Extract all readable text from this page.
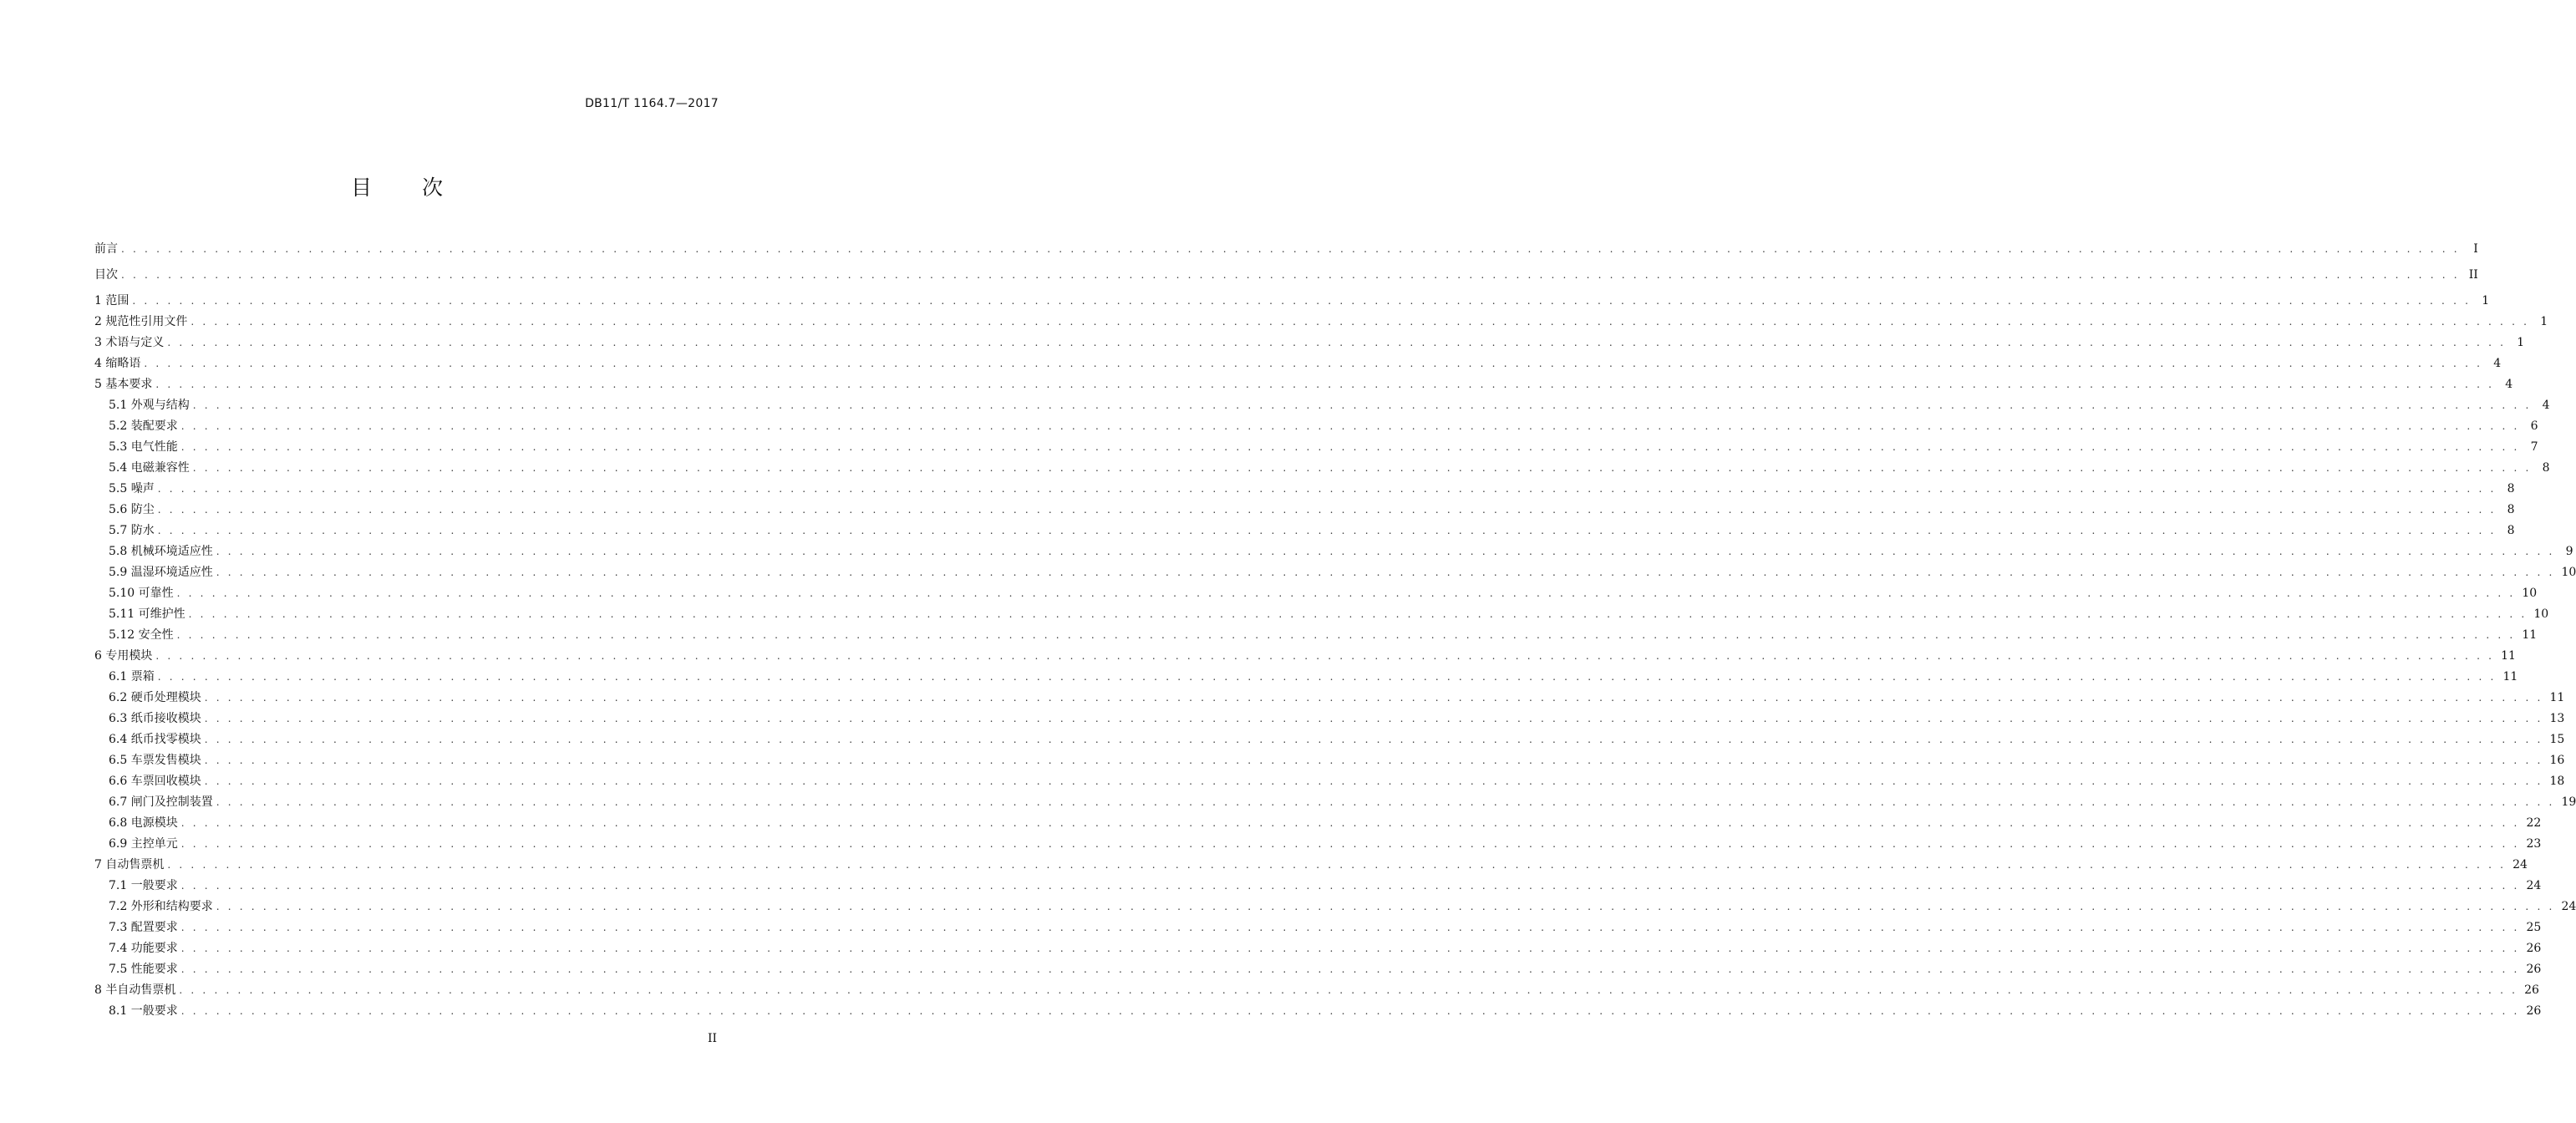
DB11/T 1164.7—2017
目 次
前言 . . . . . . . . . . . . . . . . . . . . . . . . . . . . . . . . . . . . . . . . . . . . . . . . . . . . . . . . . . . . . . . . . . . . . . . . . . . . . . . . . . . . . . . . . . . . . . . . . . . . . . . . . . . . . . . . . . . . . . . . . . . . . . . . . . . . . . . . . . . . . . . . . . . . . . . . . . . . . . . . . . . . . . . . . . . . . . . . . . . . . . . . . . . . . . . . . . . . . . . .	I
目次 . . . . . . . . . . . . . . . . . . . . . . . . . . . . . . . . . . . . . . . . . . . . . . . . . . . . . . . . . . . . . . . . . . . . . . . . . . . . . . . . . . . . . . . . . . . . . . . . . . . . . . . . . . . . . . . . . . . . . . . . . . . . . . . . . . . . . . . . . . . . . . . . . . . . . . . . . . . . . . . . . . . . . . . . . . . . . . . . . . . . . . . . . . . . . . . . . . . . . . . . II
1 范围 . . . . . . . . . . . . . . . . . . . . . . . . . . . . . . . . . . . . . . . . . . . . . . . . . . . . . . . . . . . . . . . . . . . . . . . . . . . . . . . . . . . . . . . . . . . . . . . . . . . . . . . . . . . . . . . . . . . . . . . . . . . . . . . . . . . . . . . . . . . . . . . . . . . . . . . . . . . . . . . . . . . . . . . . . . . . . . . . . . . . . . . . . . . . . . . . . . . . . . . . 1
2 规范性引用文件 . . . . . . . . . . . . . . . . . . . . . . . . . . . . . . . . . . . . . . . . . . . . . . . . . . . . . . . . . . . . . . . . . . . . . . . . . . . . . . . . . . . . . . . . . . . . . . . . . . . . . . . . . . . . . . . . . . . . . . . . . . . . . . . . . . . . . . . . . . . . . . . . . . . . . . . . . . . . . . . . . . . . . . . . . . . . . . . . . . . . . . . . . . . . . . . . . . . . . . . . 1
3 术语与定义 . . . . . . . . . . . . . . . . . . . . . . . . . . . . . . . . . . . . . . . . . . . . . . . . . . . . . . . . . . . . . . . . . . . . . . . . . . . . . . . . . . . . . . . . . . . . . . . . . . . . . . . . . . . . . . . . . . . . . . . . . . . . . . . . . . . . . . . . . . . . . . . . . . . . . . . . . . . . . . . . . . . . . . . . . . . . . . . . . . . . . . . . . . . . . . . . . . . . . . . . 1
4 缩略语 . . . . . . . . . . . . . . . . . . . . . . . . . . . . . . . . . . . . . . . . . . . . . . . . . . . . . . . . . . . . . . . . . . . . . . . . . . . . . . . . . . . . . . . . . . . . . . . . . . . . . . . . . . . . . . . . . . . . . . . . . . . . . . . . . . . . . . . . . . . . . . . . . . . . . . . . . . . . . . . . . . . . . . . . . . . . . . . . . . . . . . . . . . . . . . . . . . . . . . . . 4
5 基本要求 . . . . . . . . . . . . . . . . . . . . . . . . . . . . . . . . . . . . . . . . . . . . . . . . . . . . . . . . . . . . . . . . . . . . . . . . . . . . . . . . . . . . . . . . . . . . . . . . . . . . . . . . . . . . . . . . . . . . . . . . . . . . . . . . . . . . . . . . . . . . . . . . . . . . . . . . . . . . . . . . . . . . . . . . . . . . . . . . . . . . . . . . . . . . . . . . . . . . . . . . 4
5.1 外观与结构 . . . . . . . . . . . . . . . . . . . . . . . . . . . . . . . . . . . . . . . . . . . . . . . . . . . . . . . . . . . . . . . . . . . . . . . . . . . . . . . . . . . . . . . . . . . . . . . . . . . . . . . . . . . . . . . . . . . . . . . . . . . . . . . . . . . . . . . . . . . . . . . . . . . . . . . . . . . . . . . . . . . . . . . . . . . . . . . . . . . . . . . . . . . . . . . . . . . . . . . . 4
5.2 装配要求 . . . . . . . . . . . . . . . . . . . . . . . . . . . . . . . . . . . . . . . . . . . . . . . . . . . . . . . . . . . . . . . . . . . . . . . . . . . . . . . . . . . . . . . . . . . . . . . . . . . . . . . . . . . . . . . . . . . . . . . . . . . . . . . . . . . . . . . . . . . . . . . . . . . . . . . . . . . . . . . . . . . . . . . . . . . . . . . . . . . . . . . . . . . . . . . . . . . . . . . . 6
5.3 电气性能 . . . . . . . . . . . . . . . . . . . . . . . . . . . . . . . . . . . . . . . . . . . . . . . . . . . . . . . . . . . . . . . . . . . . . . . . . . . . . . . . . . . . . . . . . . . . . . . . . . . . . . . . . . . . . . . . . . . . . . . . . . . . . . . . . . . . . . . . . . . . . . . . . . . . . . . . . . . . . . . . . . . . . . . . . . . . . . . . . . . . . . . . . . . . . . . . . . . . . . . . 7
5.4 电磁兼容性 . . . . . . . . . . . . . . . . . . . . . . . . . . . . . . . . . . . . . . . . . . . . . . . . . . . . . . . . . . . . . . . . . . . . . . . . . . . . . . . . . . . . . . . . . . . . . . . . . . . . . . . . . . . . . . . . . . . . . . . . . . . . . . . . . . . . . . . . . . . . . . . . . . . . . . . . . . . . . . . . . . . . . . . . . . . . . . . . . . . . . . . . . . . . . . . . . . . . . . . . 8
5.5 噪声 . . . . . . . . . . . . . . . . . . . . . . . . . . . . . . . . . . . . . . . . . . . . . . . . . . . . . . . . . . . . . . . . . . . . . . . . . . . . . . . . . . . . . . . . . . . . . . . . . . . . . . . . . . . . . . . . . . . . . . . . . . . . . . . . . . . . . . . . . . . . . . . . . . . . . . . . . . . . . . . . . . . . . . . . . . . . . . . . . . . . . . . . . . . . . . . . . . . . . . . . 8
5.6 防尘 . . . . . . . . . . . . . . . . . . . . . . . . . . . . . . . . . . . . . . . . . . . . . . . . . . . . . . . . . . . . . . . . . . . . . . . . . . . . . . . . . . . . . . . . . . . . . . . . . . . . . . . . . . . . . . . . . . . . . . . . . . . . . . . . . . . . . . . . . . . . . . . . . . . . . . . . . . . . . . . . . . . . . . . . . . . . . . . . . . . . . . . . . . . . . . . . . . . . . . . . 8
5.7 防水 . . . . . . . . . . . . . . . . . . . . . . . . . . . . . . . . . . . . . . . . . . . . . . . . . . . . . . . . . . . . . . . . . . . . . . . . . . . . . . . . . . . . . . . . . . . . . . . . . . . . . . . . . . . . . . . . . . . . . . . . . . . . . . . . . . . . . . . . . . . . . . . . . . . . . . . . . . . . . . . . . . . . . . . . . . . . . . . . . . . . . . . . . . . . . . . . . . . . . . . . 8
5.8 机械环境适应性 . . . . . . . . . . . . . . . . . . . . . . . . . . . . . . . . . . . . . . . . . . . . . . . . . . . . . . . . . . . . . . . . . . . . . . . . . . . . . . . . . . . . . . . . . . . . . . . . . . . . . . . . . . . . . . . . . . . . . . . . . . . . . . . . . . . . . . . . . . . . . . . . . . . . . . . . . . . . . . . . . . . . . . . . . . . . . . . . . . . . . . . . . . . . . . . . . . . . . . . . 9
5.9 温湿环境适应性 . . . . . . . . . . . . . . . . . . . . . . . . . . . . . . . . . . . . . . . . . . . . . . . . . . . . . . . . . . . . . . . . . . . . . . . . . . . . . . . . . . . . . . . . . . . . . . . . . . . . . . . . . . . . . . . . . . . . . . . . . . . . . . . . . . . . . . . . . . . . . . . . . . . . . . . . . . . . . . . . . . . . . . . . . . . . . . . . . . . . . . . . . . . . . . . . . . . . . . . . 10
5.10 可靠性 . . . . . . . . . . . . . . . . . . . . . . . . . . . . . . . . . . . . . . . . . . . . . . . . . . . . . . . . . . . . . . . . . . . . . . . . . . . . . . . . . . . . . . . . . . . . . . . . . . . . . . . . . . . . . . . . . . . . . . . . . . . . . . . . . . . . . . . . . . . . . . . . . . . . . . . . . . . . . . . . . . . . . . . . . . . . . . . . . . . . . . . . . . . . . . . . . . . . . . . . 10
5.11 可维护性 . . . . . . . . . . . . . . . . . . . . . . . . . . . . . . . . . . . . . . . . . . . . . . . . . . . . . . . . . . . . . . . . . . . . . . . . . . . . . . . . . . . . . . . . . . . . . . . . . . . . . . . . . . . . . . . . . . . . . . . . . . . . . . . . . . . . . . . . . . . . . . . . . . . . . . . . . . . . . . . . . . . . . . . . . . . . . . . . . . . . . . . . . . . . . . . . . . . . . . . . 10
5.12 安全性 . . . . . . . . . . . . . . . . . . . . . . . . . . . . . . . . . . . . . . . . . . . . . . . . . . . . . . . . . . . . . . . . . . . . . . . . . . . . . . . . . . . . . . . . . . . . . . . . . . . . . . . . . . . . . . . . . . . . . . . . . . . . . . . . . . . . . . . . . . . . . . . . . . . . . . . . . . . . . . . . . . . . . . . . . . . . . . . . . . . . . . . . . . . . . . . . . . . . . . . . 11
6 专用模块 . . . . . . . . . . . . . . . . . . . . . . . . . . . . . . . . . . . . . . . . . . . . . . . . . . . . . . . . . . . . . . . . . . . . . . . . . . . . . . . . . . . . . . . . . . . . . . . . . . . . . . . . . . . . . . . . . . . . . . . . . . . . . . . . . . . . . . . . . . . . . . . . . . . . . . . . . . . . . . . . . . . . . . . . . . . . . . . . . . . . . . . . . . . . . . . . . . . . . . . . 11
6.1 票箱 . . . . . . . . . . . . . . . . . . . . . . . . . . . . . . . . . . . . . . . . . . . . . . . . . . . . . . . . . . . . . . . . . . . . . . . . . . . . . . . . . . . . . . . . . . . . . . . . . . . . . . . . . . . . . . . . . . . . . . . . . . . . . . . . . . . . . . . . . . . . . . . . . . . . . . . . . . . . . . . . . . . . . . . . . . . . . . . . . . . . . . . . . . . . . . . . . . . . . . . . 11
6.2 硬币处理模块 . . . . . . . . . . . . . . . . . . . . . . . . . . . . . . . . . . . . . . . . . . . . . . . . . . . . . . . . . . . . . . . . . . . . . . . . . . . . . . . . . . . . . . . . . . . . . . . . . . . . . . . . . . . . . . . . . . . . . . . . . . . . . . . . . . . . . . . . . . . . . . . . . . . . . . . . . . . . . . . . . . . . . . . . . . . . . . . . . . . . . . . . . . . . . . . . . . . . . . . . 11
6.3 纸币接收模块 . . . . . . . . . . . . . . . . . . . . . . . . . . . . . . . . . . . . . . . . . . . . . . . . . . . . . . . . . . . . . . . . . . . . . . . . . . . . . . . . . . . . . . . . . . . . . . . . . . . . . . . . . . . . . . . . . . . . . . . . . . . . . . . . . . . . . . . . . . . . . . . . . . . . . . . . . . . . . . . . . . . . . . . . . . . . . . . . . . . . . . . . . . . . . . . . . . . . . . . . 13
6.4 纸币找零模块 . . . . . . . . . . . . . . . . . . . . . . . . . . . . . . . . . . . . . . . . . . . . . . . . . . . . . . . . . . . . . . . . . . . . . . . . . . . . . . . . . . . . . . . . . . . . . . . . . . . . . . . . . . . . . . . . . . . . . . . . . . . . . . . . . . . . . . . . . . . . . . . . . . . . . . . . . . . . . . . . . . . . . . . . . . . . . . . . . . . . . . . . . . . . . . . . . . . . . . . . 15
6.5 车票发售模块 . . . . . . . . . . . . . . . . . . . . . . . . . . . . . . . . . . . . . . . . . . . . . . . . . . . . . . . . . . . . . . . . . . . . . . . . . . . . . . . . . . . . . . . . . . . . . . . . . . . . . . . . . . . . . . . . . . . . . . . . . . . . . . . . . . . . . . . . . . . . . . . . . . . . . . . . . . . . . . . . . . . . . . . . . . . . . . . . . . . . . . . . . . . . . . . . . . . . . . . . 16
6.6 车票回收模块 . . . . . . . . . . . . . . . . . . . . . . . . . . . . . . . . . . . . . . . . . . . . . . . . . . . . . . . . . . . . . . . . . . . . . . . . . . . . . . . . . . . . . . . . . . . . . . . . . . . . . . . . . . . . . . . . . . . . . . . . . . . . . . . . . . . . . . . . . . . . . . . . . . . . . . . . . . . . . . . . . . . . . . . . . . . . . . . . . . . . . . . . . . . . . . . . . . . . . . . . 18
6.7 闸门及控制装置 . . . . . . . . . . . . . . . . . . . . . . . . . . . . . . . . . . . . . . . . . . . . . . . . . . . . . . . . . . . . . . . . . . . . . . . . . . . . . . . . . . . . . . . . . . . . . . . . . . . . . . . . . . . . . . . . . . . . . . . . . . . . . . . . . . . . . . . . . . . . . . . . . . . . . . . . . . . . . . . . . . . . . . . . . . . . . . . . . . . . . . . . . . . . . . . . . . . . . . . . 19
6.8 电源模块 . . . . . . . . . . . . . . . . . . . . . . . . . . . . . . . . . . . . . . . . . . . . . . . . . . . . . . . . . . . . . . . . . . . . . . . . . . . . . . . . . . . . . . . . . . . . . . . . . . . . . . . . . . . . . . . . . . . . . . . . . . . . . . . . . . . . . . . . . . . . . . . . . . . . . . . . . . . . . . . . . . . . . . . . . . . . . . . . . . . . . . . . . . . . . . . . . . . . . . . . 22
6.9 主控单元 . . . . . . . . . . . . . . . . . . . . . . . . . . . . . . . . . . . . . . . . . . . . . . . . . . . . . . . . . . . . . . . . . . . . . . . . . . . . . . . . . . . . . . . . . . . . . . . . . . . . . . . . . . . . . . . . . . . . . . . . . . . . . . . . . . . . . . . . . . . . . . . . . . . . . . . . . . . . . . . . . . . . . . . . . . . . . . . . . . . . . . . . . . . . . . . . . . . . . . . . 23
7 自动售票机 . . . . . . . . . . . . . . . . . . . . . . . . . . . . . . . . . . . . . . . . . . . . . . . . . . . . . . . . . . . . . . . . . . . . . . . . . . . . . . . . . . . . . . . . . . . . . . . . . . . . . . . . . . . . . . . . . . . . . . . . . . . . . . . . . . . . . . . . . . . . . . . . . . . . . . . . . . . . . . . . . . . . . . . . . . . . . . . . . . . . . . . . . . . . . . . . . . . . . . . . 24
7.1 一般要求 . . . . . . . . . . . . . . . . . . . . . . . . . . . . . . . . . . . . . . . . . . . . . . . . . . . . . . . . . . . . . . . . . . . . . . . . . . . . . . . . . . . . . . . . . . . . . . . . . . . . . . . . . . . . . . . . . . . . . . . . . . . . . . . . . . . . . . . . . . . . . . . . . . . . . . . . . . . . . . . . . . . . . . . . . . . . . . . . . . . . . . . . . . . . . . . . . . . . . . . . 24
7.2 外形和结构要求 . . . . . . . . . . . . . . . . . . . . . . . . . . . . . . . . . . . . . . . . . . . . . . . . . . . . . . . . . . . . . . . . . . . . . . . . . . . . . . . . . . . . . . . . . . . . . . . . . . . . . . . . . . . . . . . . . . . . . . . . . . . . . . . . . . . . . . . . . . . . . . . . . . . . . . . . . . . . . . . . . . . . . . . . . . . . . . . . . . . . . . . . . . . . . . . . . . . . . . . . 24
7.3 配置要求 . . . . . . . . . . . . . . . . . . . . . . . . . . . . . . . . . . . . . . . . . . . . . . . . . . . . . . . . . . . . . . . . . . . . . . . . . . . . . . . . . . . . . . . . . . . . . . . . . . . . . . . . . . . . . . . . . . . . . . . . . . . . . . . . . . . . . . . . . . . . . . . . . . . . . . . . . . . . . . . . . . . . . . . . . . . . . . . . . . . . . . . . . . . . . . . . . . . . . . . . 25
7.4 功能要求 . . . . . . . . . . . . . . . . . . . . . . . . . . . . . . . . . . . . . . . . . . . . . . . . . . . . . . . . . . . . . . . . . . . . . . . . . . . . . . . . . . . . . . . . . . . . . . . . . . . . . . . . . . . . . . . . . . . . . . . . . . . . . . . . . . . . . . . . . . . . . . . . . . . . . . . . . . . . . . . . . . . . . . . . . . . . . . . . . . . . . . . . . . . . . . . . . . . . . . . . 26
7.5 性能要求 . . . . . . . . . . . . . . . . . . . . . . . . . . . . . . . . . . . . . . . . . . . . . . . . . . . . . . . . . . . . . . . . . . . . . . . . . . . . . . . . . . . . . . . . . . . . . . . . . . . . . . . . . . . . . . . . . . . . . . . . . . . . . . . . . . . . . . . . . . . . . . . . . . . . . . . . . . . . . . . . . . . . . . . . . . . . . . . . . . . . . . . . . . . . . . . . . . . . . . . . 26
8 半自动售票机 . . . . . . . . . . . . . . . . . . . . . . . . . . . . . . . . . . . . . . . . . . . . . . . . . . . . . . . . . . . . . . . . . . . . . . . . . . . . . . . . . . . . . . . . . . . . . . . . . . . . . . . . . . . . . . . . . . . . . . . . . . . . . . . . . . . . . . . . . . . . . . . . . . . . . . . . . . . . . . . . . . . . . . . . . . . . . . . . . . . . . . . . . . . . . . . . . . . . . . . . 26
8.1 一般要求 . . . . . . . . . . . . . . . . . . . . . . . . . . . . . . . . . . . . . . . . . . . . . . . . . . . . . . . . . . . . . . . . . . . . . . . . . . . . . . . . . . . . . . . . . . . . . . . . . . . . . . . . . . . . . . . . . . . . . . . . . . . . . . . . . . . . . . . . . . . . . . . . . . . . . . . . . . . . . . . . . . . . . . . . . . . . . . . . . . . . . . . . . . . . . . . . . . . . . . . . 26
II
